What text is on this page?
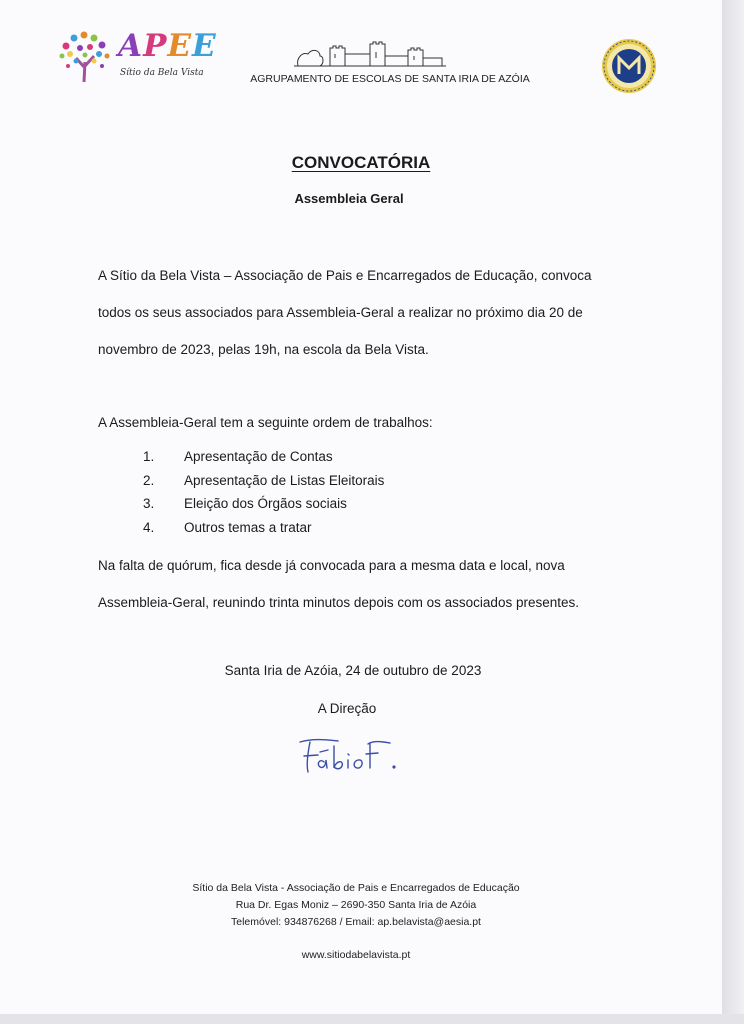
APEE
Sítio da Bela Vista	AGRUPAMENTO DE ESCOLAS DE SANTA IRIA DE AZÓIA
CONVOCATÓRIA
Assembleia Geral
A Sítio da Bela Vista – Associação de Pais e Encarregados de Educação, convoca todos os seus associados para Assembleia-Geral a realizar no próximo dia 20 de novembro de 2023, pelas 19h, na escola da Bela Vista.
A Assembleia-Geral tem a seguinte ordem de trabalhos:
1. Apresentação de Contas
2. Apresentação de Listas Eleitorais
3. Eleição dos Órgãos sociais
4. Outros temas a tratar
Na falta de quórum, fica desde já convocada para a mesma data e local, nova Assembleia-Geral, reunindo trinta minutos depois com os associados presentes.
Santa Iria de Azóia, 24 de outubro de 2023
A Direção
Sítio da Bela Vista - Associação de Pais e Encarregados de Educação
Rua Dr. Egas Moniz – 2690-350 Santa Iria de Azóia
Telemóvel: 934876268 / Email: ap.belavista@aesia.pt
www.sitiodabelavista.pt
